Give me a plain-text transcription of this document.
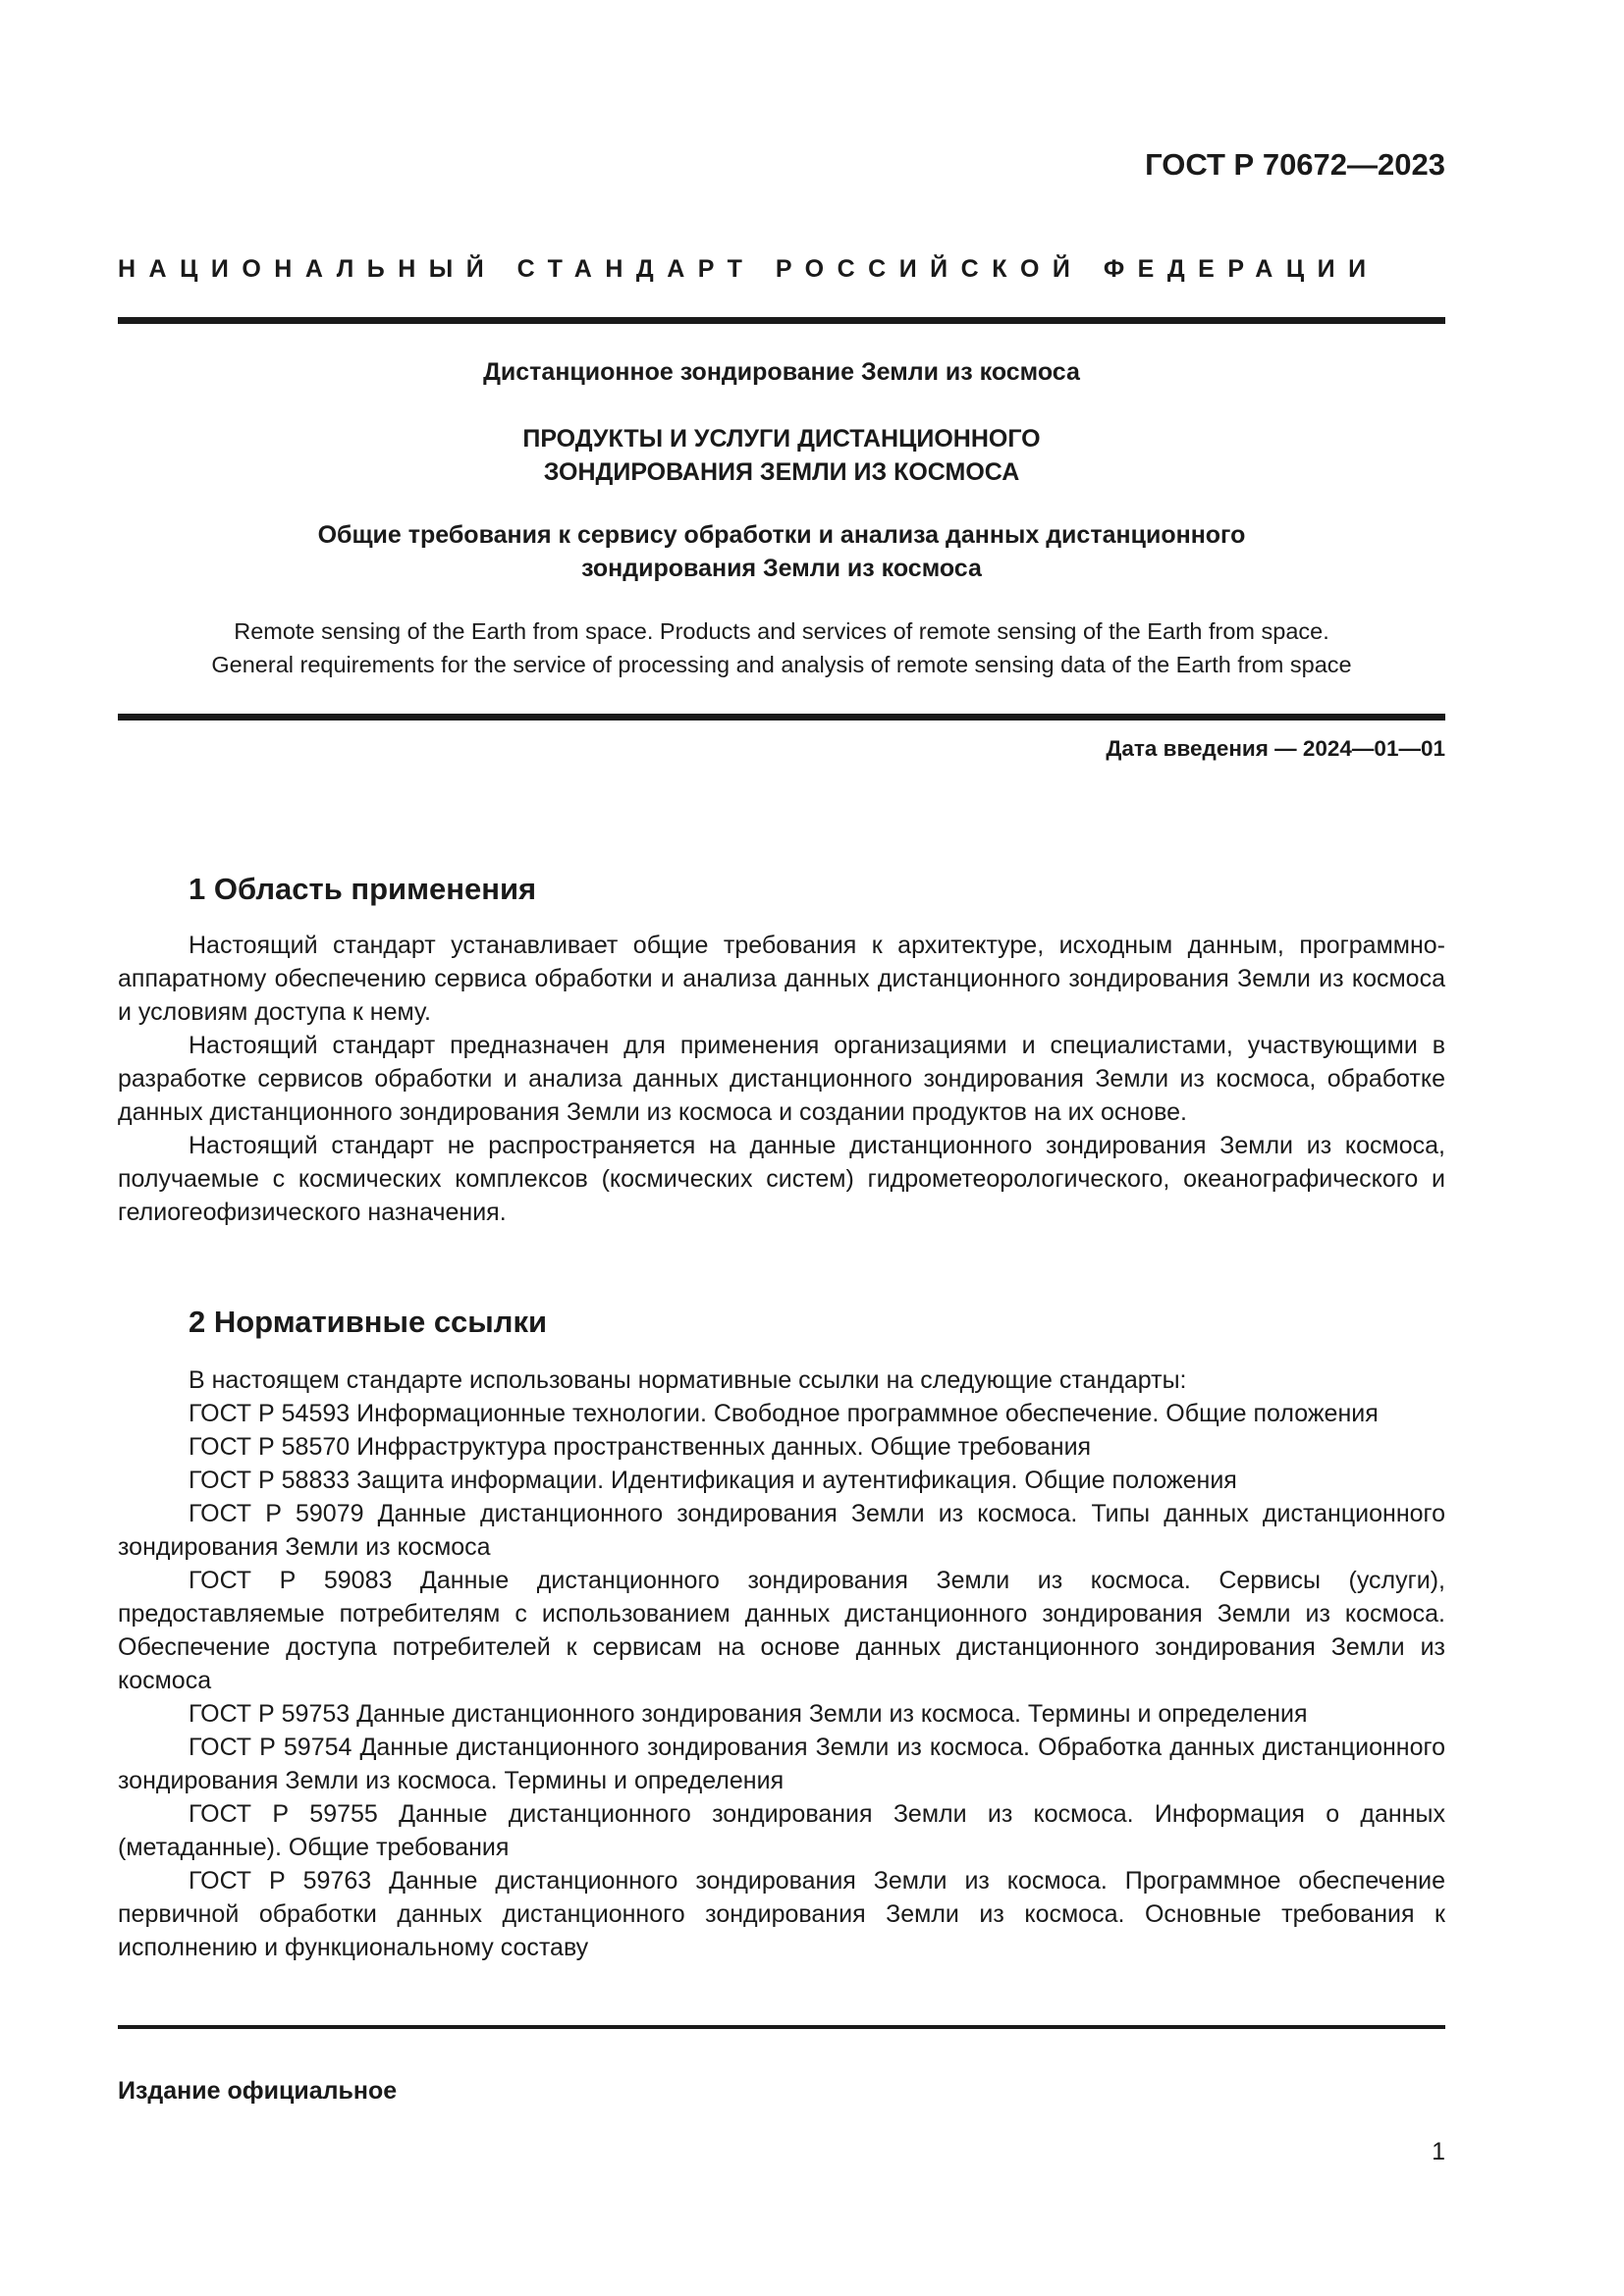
ГОСТ Р 70672—2023
НАЦИОНАЛЬНЫЙ СТАНДАРТ РОССИЙСКОЙ ФЕДЕРАЦИИ
Дистанционное зондирование Земли из космоса
ПРОДУКТЫ И УСЛУГИ ДИСТАНЦИОННОГО
ЗОНДИРОВАНИЯ ЗЕМЛИ ИЗ КОСМОСА
Общие требования к сервису обработки и анализа данных дистанционного
зондирования Земли из космоса
Remote sensing of the Earth from space. Products and services of remote sensing of the Earth from space.
General requirements for the service of processing and analysis of remote sensing data of the Earth from space
Дата введения — 2024—01—01
1 Область применения

Настоящий стандарт устанавливает общие требования к архитектуре, исходным данным, программно-аппаратному обеспечению сервиса обработки и анализа данных дистанционного зондирования Земли из космоса и условиям доступа к нему.

Настоящий стандарт предназначен для применения организациями и специалистами, участвующими в разработке сервисов обработки и анализа данных дистанционного зондирования Земли из космоса, обработке данных дистанционного зондирования Земли из космоса и создании продуктов на их основе.

Настоящий стандарт не распространяется на данные дистанционного зондирования Земли из космоса, получаемые с космических комплексов (космических систем) гидрометеорологического, океанографического и гелиогеофизического назначения.

2 Нормативные ссылки

В настоящем стандарте использованы нормативные ссылки на следующие стандарты:

ГОСТ Р 54593 Информационные технологии. Свободное программное обеспечение. Общие положения

ГОСТ Р 58570 Инфраструктура пространственных данных. Общие требования

ГОСТ Р 58833 Защита информации. Идентификация и аутентификация. Общие положения

ГОСТ Р 59079 Данные дистанционного зондирования Земли из космоса. Типы данных дистанционного зондирования Земли из космоса

ГОСТ Р 59083 Данные дистанционного зондирования Земли из космоса. Сервисы (услуги), предоставляемые потребителям с использованием данных дистанционного зондирования Земли из космоса. Обеспечение доступа потребителей к сервисам на основе данных дистанционного зондирования Земли из космоса

ГОСТ Р 59753 Данные дистанционного зондирования Земли из космоса. Термины и определения

ГОСТ Р 59754 Данные дистанционного зондирования Земли из космоса. Обработка данных дистанционного зондирования Земли из космоса. Термины и определения

ГОСТ Р 59755 Данные дистанционного зондирования Земли из космоса. Информация о данных (метаданные). Общие требования

ГОСТ Р 59763 Данные дистанционного зондирования Земли из космоса. Программное обеспечение первичной обработки данных дистанционного зондирования Земли из космоса. Основные требования к исполнению и функциональному составу

Издание официальное
1
